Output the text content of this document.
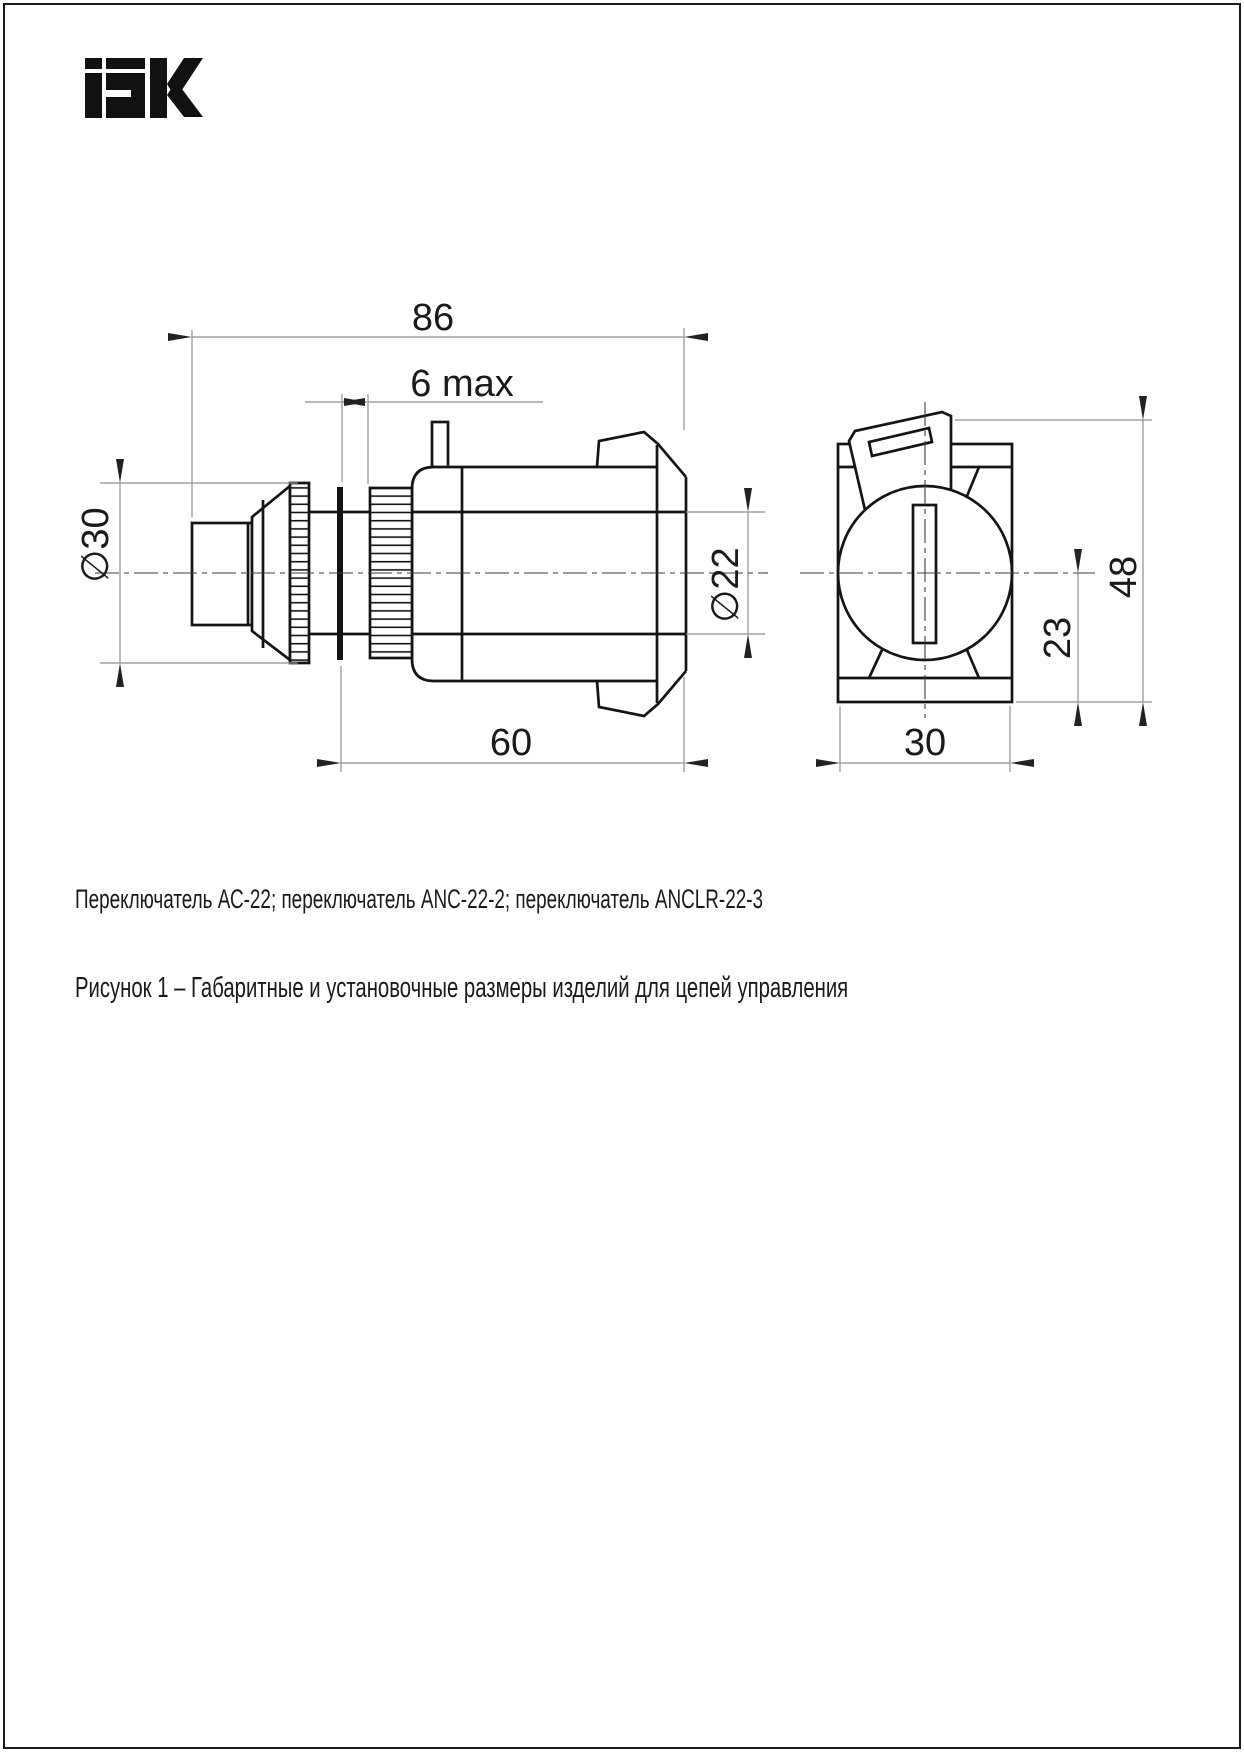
86
6 max
∅30
∅22
60	30
23
48
Переключатель АС-22; переключатель ANC-22-2; переключатель ANCLR-22-3
Рисунок 1 – Габаритные и установочные размеры изделий для цепей управления
